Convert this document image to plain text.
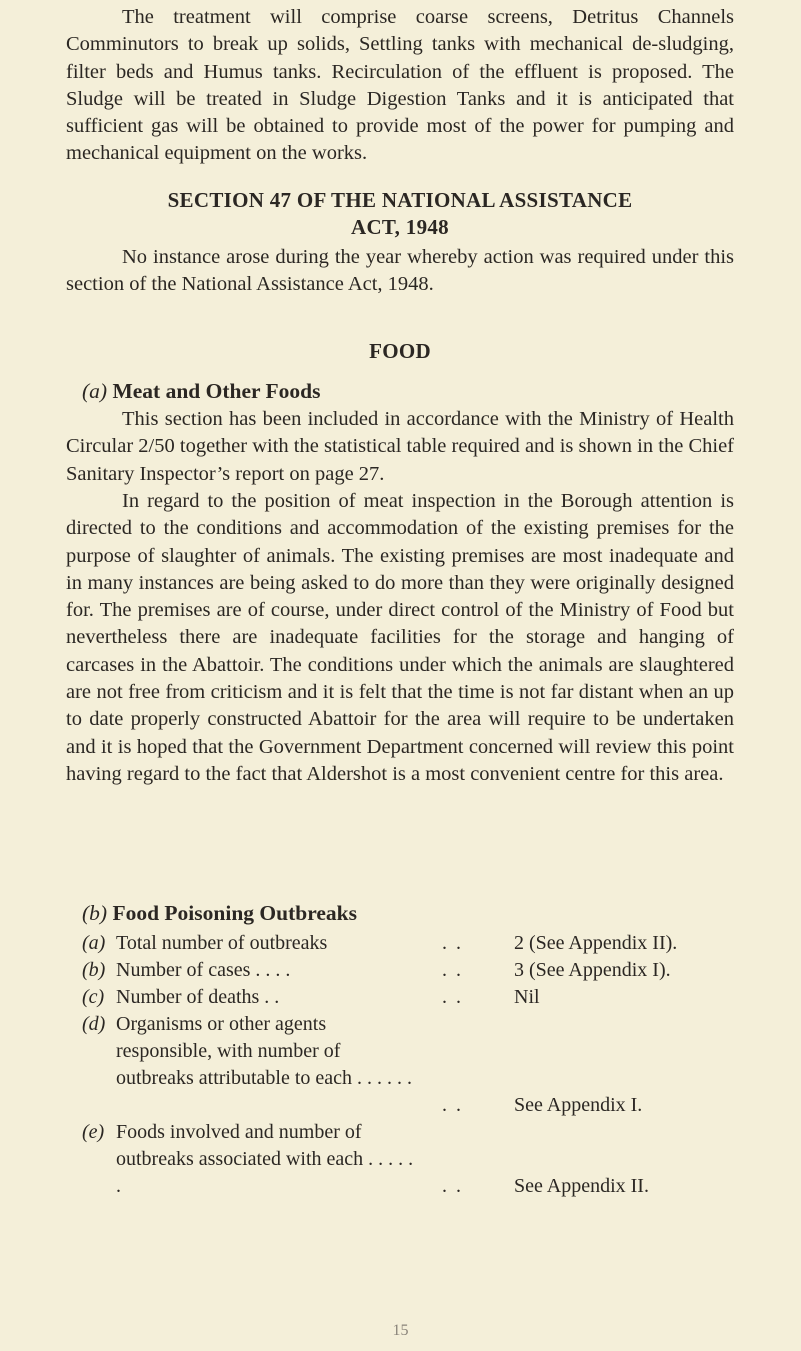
The treatment will comprise coarse screens, Detritus Channels Comminutors to break up solids, Settling tanks with mechanical de-sludging, filter beds and Humus tanks. Recirculation of the effluent is proposed. The Sludge will be treated in Sludge Digestion Tanks and it is anticipated that sufficient gas will be obtained to provide most of the power for pumping and mechanical equipment on the works.

SECTION 47 OF THE NATIONAL ASSISTANCE

ACT, 1948

No instance arose during the year whereby action was required under this section of the National Assistance Act, 1948.

FOOD

(a) Meat and Other Foods

This section has been included in accordance with the Ministry of Health Circular 2/50 together with the statistical table required and is shown in the Chief Sanitary Inspector’s report on page 27.

In regard to the position of meat inspection in the Borough attention is directed to the conditions and accommodation of the existing premises for the purpose of slaughter of animals. The existing premises are most inadequate and in many instances are being asked to do more than they were originally designed for. The premises are of course, under direct control of the Ministry of Food but nevertheless there are inadequate facilities for the storage and hanging of carcases in the Abattoir. The conditions under which the animals are slaughtered are not free from criticism and it is felt that the time is not far distant when an up to date properly constructed Abattoir for the area will require to be undertaken and it is hoped that the Government Department concerned will review this point having regard to the fact that Aldershot is a most convenient centre for this area.

(b) Food Poisoning Outbreaks

(a) Total number of outbreaks	. .	2 (See Appendix II).
(b) Number of cases . . . .	. .	3 (See Appendix I).
(c) Number of deaths . .	. .	Nil
(d) Organisms or other agents responsible, with number of outbreaks attributable to each . . . . . .
. .	See Appendix I.
(e) Foods involved and number of outbreaks associated with each . . . . . .	. .	See Appendix II.
15
